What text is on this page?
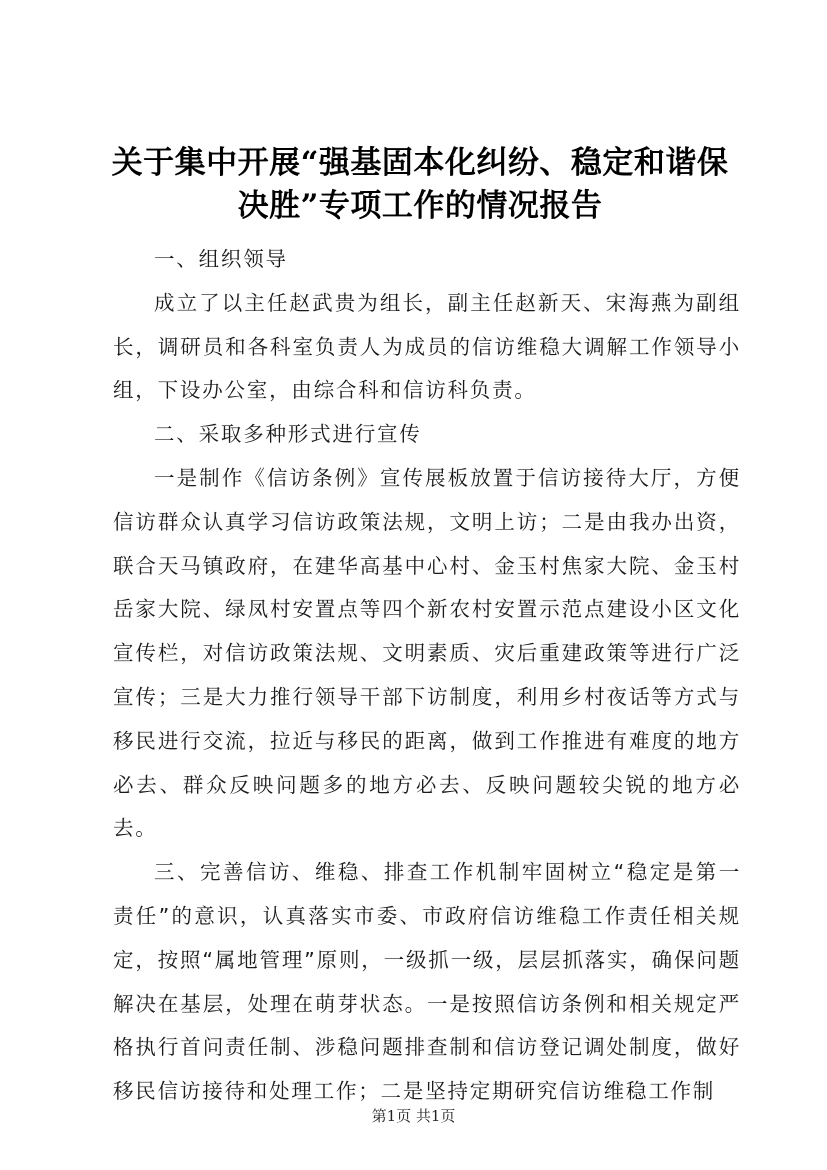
关于集中开展“强基固本化纠纷、稳定和谐保决胜”专项工作的情况报告

一、组织领导

成立了以主任赵武贵为组长，副主任赵新天、宋海燕为副组长，调研员和各科室负责人为成员的信访维稳大调解工作领导小组，下设办公室，由综合科和信访科负责。

二、采取多种形式进行宣传

一是制作《信访条例》宣传展板放置于信访接待大厅，方便信访群众认真学习信访政策法规，文明上访；二是由我办出资，联合天马镇政府，在建华高基中心村、金玉村焦家大院、金玉村岳家大院、绿凤村安置点等四个新农村安置示范点建设小区文化宣传栏，对信访政策法规、文明素质、灾后重建政策等进行广泛宣传；三是大力推行领导干部下访制度，利用乡村夜话等方式与移民进行交流，拉近与移民的距离，做到工作推进有难度的地方必去、群众反映问题多的地方必去、反映问题较尖锐的地方必去。

三、完善信访、维稳、排查工作机制牢固树立“稳定是第一责任”的意识，认真落实市委、市政府信访维稳工作责任相关规定，按照“属地管理”原则，一级抓一级，层层抓落实，确保问题解决在基层，处理在萌芽状态。一是按照信访条例和相关规定严格执行首问责任制、涉稳问题排查制和信访登记调处制度，做好移民信访接待和处理工作；二是坚持定期研究信访维稳工作制

第1页 共1页
